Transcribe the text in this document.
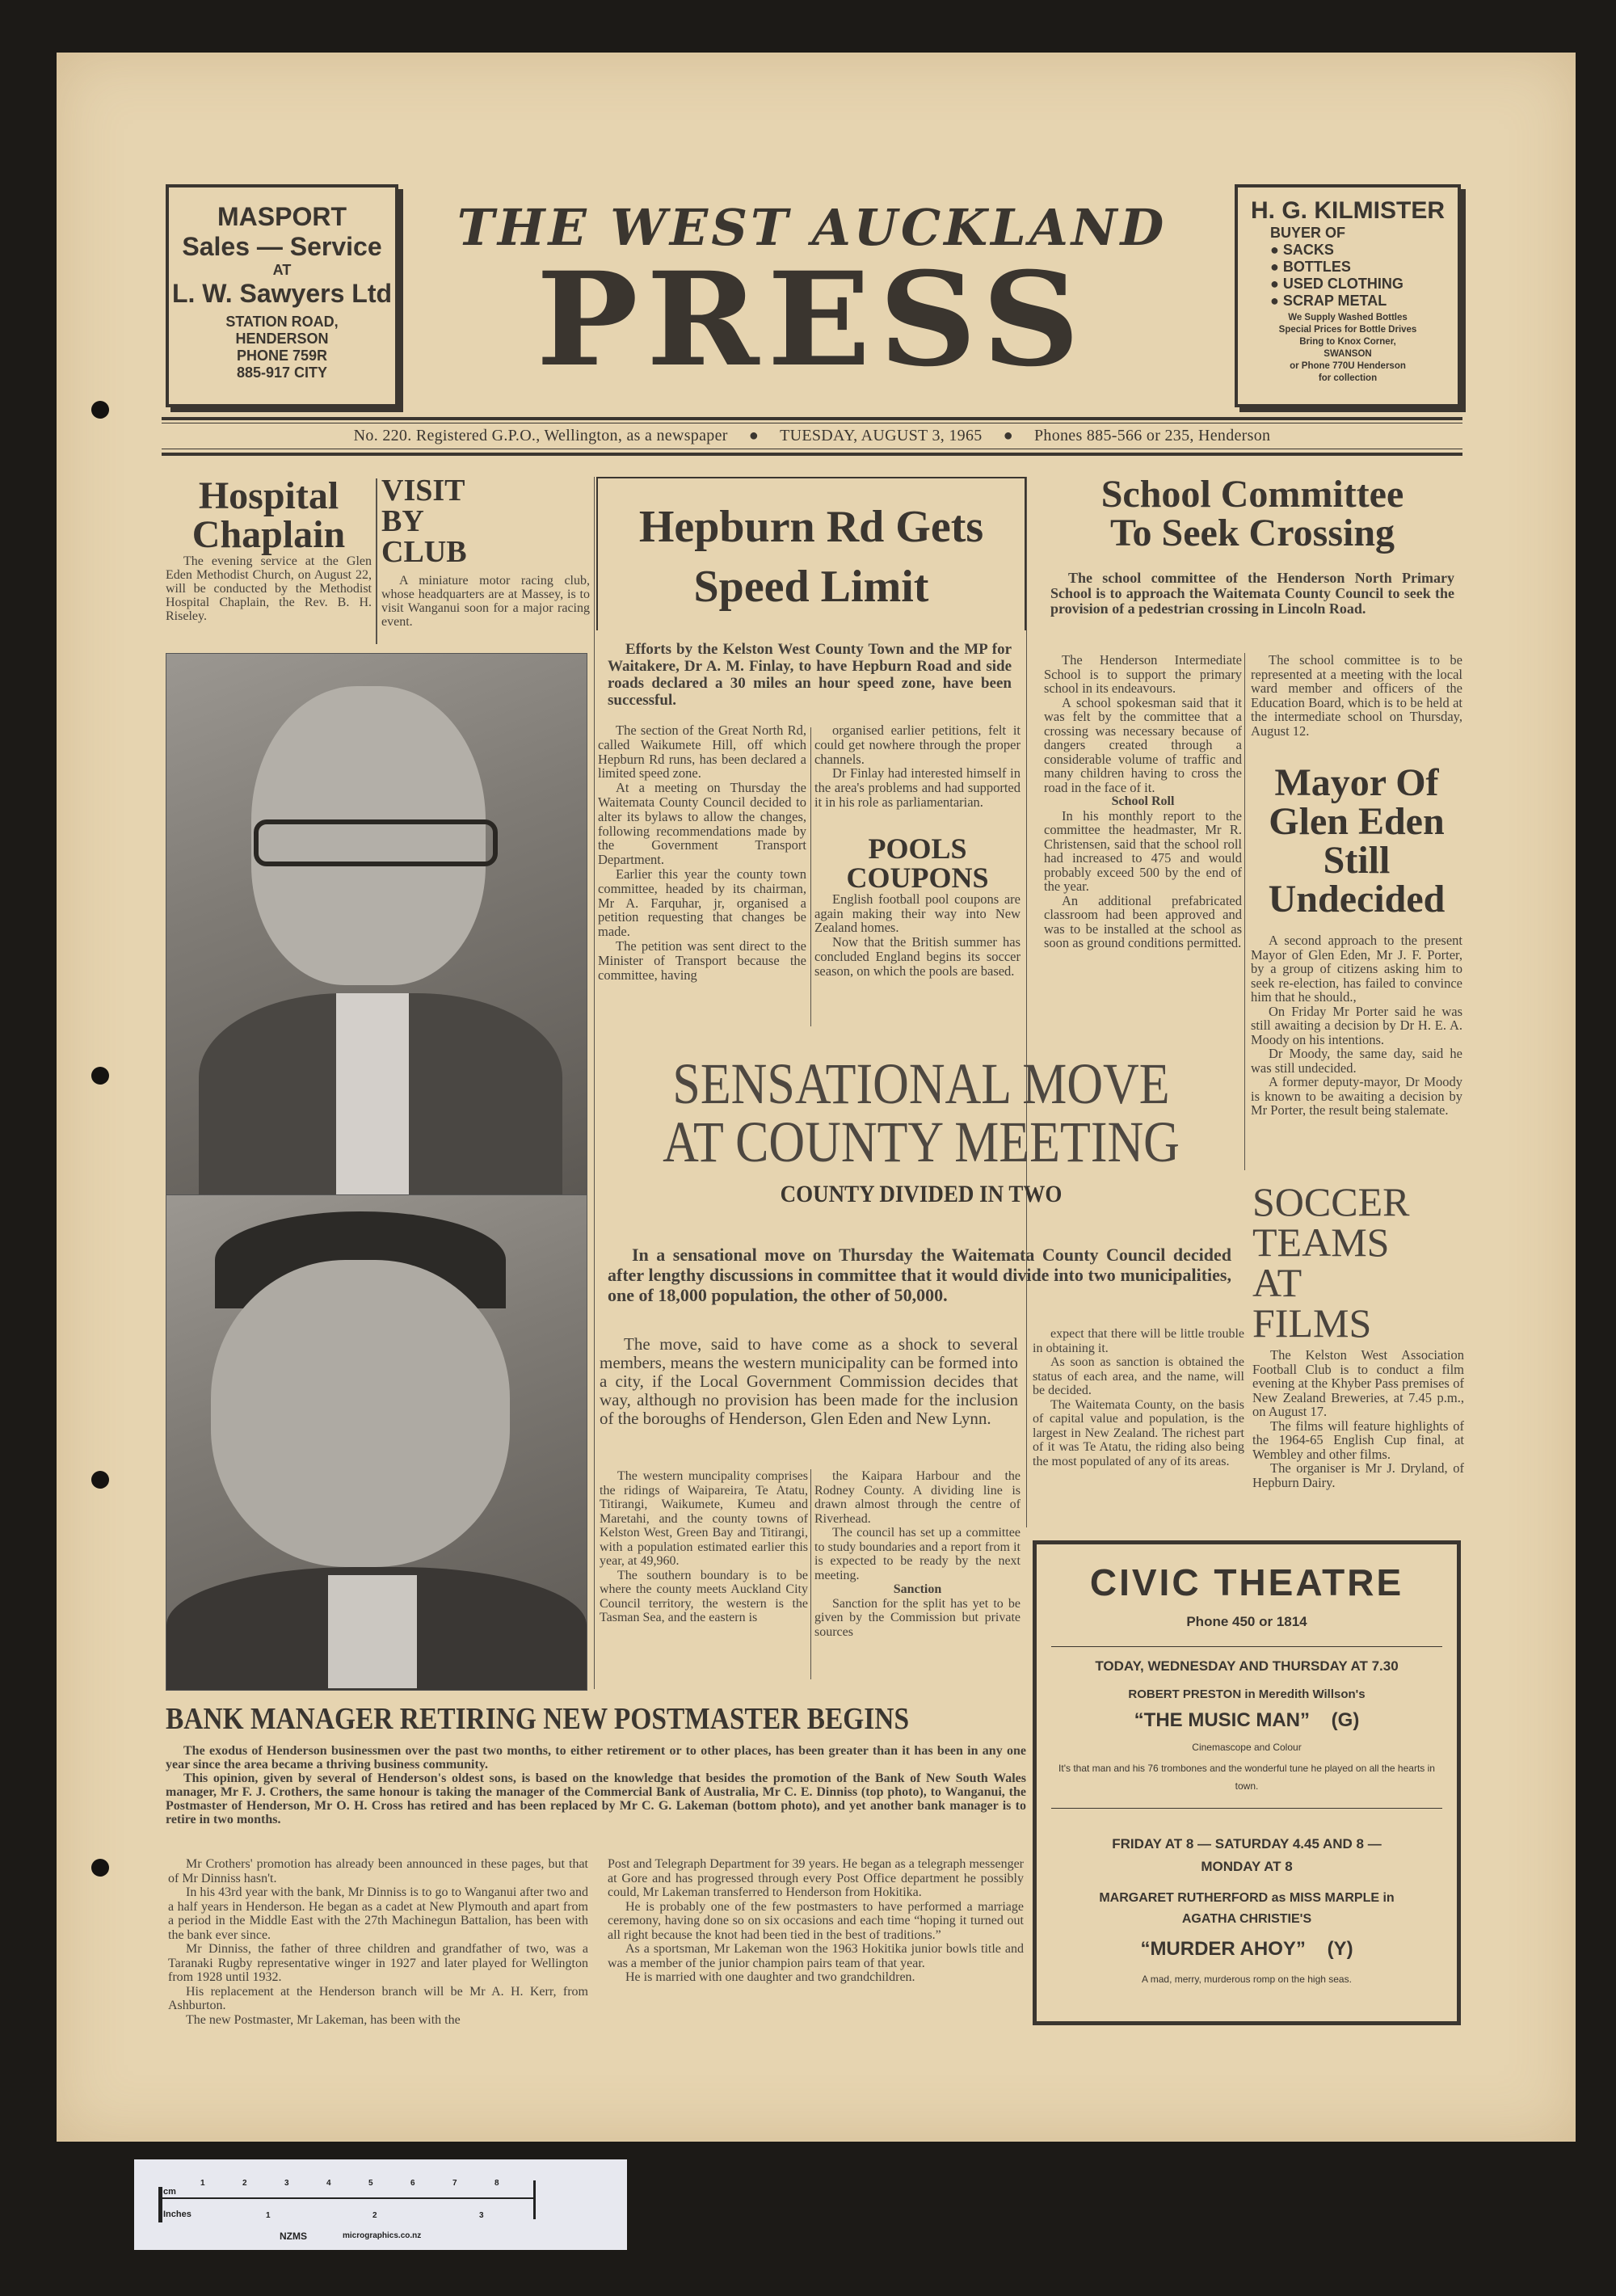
MASPORT
Sales — Service
AT
L. W. Sawyers Ltd
STATION ROAD,
HENDERSON
PHONE 759R
885-917 CITY
THE WEST AUCKLAND
PRESS
H. G. KILMISTER
BUYER OF
● SACKS
● BOTTLES
● USED CLOTHING
● SCRAP METAL
We Supply Washed Bottles
Special Prices for Bottle Drives
Bring to Knox Corner,
SWANSON
or Phone 770U Henderson
for collection
No. 220. Registered G.P.O., Wellington, as a newspaper ● TUESDAY, AUGUST 3, 1965 ● Phones 885-566 or 235, Henderson
Hospital
Chaplain

The evening service at the Glen Eden Methodist Church, on August 22, will be conducted by the Methodist Hospital Chaplain, the Rev. B. H. Riseley.

VISIT
BY
CLUB

A miniature motor racing club, whose headquarters are at Massey, is to visit Wanganui soon for a major racing event.

Hepburn Rd Gets
Speed Limit

Efforts by the Kelston West County Town and the MP for Waitakere, Dr A. M. Finlay, to have Hepburn Road and side roads declared a 30 miles an hour speed zone, have been successful.

The section of the Great North Rd, called Waikumete Hill, off which Hepburn Rd runs, has been declared a limited speed zone.

At a meeting on Thursday the Waitemata County Council decided to alter its bylaws to allow the changes, following recommendations made by the Government Transport Department.

Earlier this year the county town committee, headed by its chairman, Mr A. Farquhar, jr, organised a petition requesting that changes be made.

The petition was sent direct to the Minister of Transport because the committee, having

organised earlier petitions, felt it could get nowhere through the proper channels.

Dr Finlay had interested himself in the area's problems and had supported it in his role as parliamentarian.

POOLS
COUPONS

English football pool coupons are again making their way into New Zealand homes.

Now that the British summer has concluded England begins its soccer season, on which the pools are based.

School Committee
To Seek Crossing

The school committee of the Henderson North Primary School is to approach the Waitemata County Council to seek the provision of a pedestrian crossing in Lincoln Road.

The Henderson Intermediate School is to support the primary school in its endeavours.

A school spokesman said that it was felt by the committee that a crossing was necessary because of dangers created through a considerable volume of traffic and many children having to cross the road in the face of it.

School Roll

In his monthly report to the committee the headmaster, Mr R. Christensen, said that the school roll had increased to 475 and would probably exceed 500 by the end of the year.

An additional prefabricated classroom had been approved and was to be installed at the school as soon as ground conditions permitted.

The school committee is to be represented at a meeting with the local ward member and officers of the Education Board, which is to be held at the intermediate school on Thursday, August 12.

Mayor Of
Glen Eden
Still
Undecided

A second approach to the present Mayor of Glen Eden, Mr J. F. Porter, by a group of citizens asking him to seek re-election, has failed to convince him that he should.,

On Friday Mr Porter said he was still awaiting a decision by Dr H. E. A. Moody on his intentions.

Dr Moody, the same day, said he was still undecided.

A former deputy-mayor, Dr Moody is known to be awaiting a decision by Mr Porter, the result being stalemate.

SOCCER
TEAMS
AT
FILMS

The Kelston West Association Football Club is to conduct a film evening at the Khyber Pass premises of New Zealand Breweries, at 7.45 p.m., on August 17.

The films will feature highlights of the 1964-65 English Cup final, at Wembley and other films.

The organiser is Mr J. Dryland, of Hepburn Dairy.

SENSATIONAL MOVE
AT COUNTY MEETING
COUNTY DIVIDED IN TWO

In a sensational move on Thursday the Waitemata County Council decided after lengthy discussions in committee that it would divide into two municipalities, one of 18,000 population, the other of 50,000.

The move, said to have come as a shock to several members, means the western municipality can be formed into a city, if the Local Government Commission decides that way, although no provision has been made for the inclusion of the boroughs of Henderson, Glen Eden and New Lynn.

The western muncipality comprises the ridings of Waipareira, Te Atatu, Titirangi, Waikumete, Kumeu and Maretahi, and the county towns of Kelston West, Green Bay and Titirangi, with a population estimated earlier this year, at 49,960.

The southern boundary is to be where the county meets Auckland City Council territory, the western is the Tasman Sea, and the eastern is

the Kaipara Harbour and the Rodney County. A dividing line is drawn almost through the centre of Riverhead.

The council has set up a committee to study boundaries and a report from it is expected to be ready by the next meeting.

Sanction

Sanction for the split has yet to be given by the Commission but private sources

expect that there will be little trouble in obtaining it.

As soon as sanction is obtained the status of each area, and the name, will be decided.

The Waitemata County, on the basis of capital value and population, is the largest in New Zealand. The richest part of it was Te Atatu, the riding also being the most populated of any of its areas.

CIVIC THEATRE
Phone 450 or 1814
TODAY, WEDNESDAY AND THURSDAY AT 7.30
ROBERT PRESTON in Meredith Willson's
“THE MUSIC MAN” (G)
Cinemascope and Colour
It's that man and his 76 trombones and the wonderful tune he played on all the hearts in town.
FRIDAY AT 8 — SATURDAY 4.45 AND 8 —
MONDAY AT 8
MARGARET RUTHERFORD as MISS MARPLE in
AGATHA CHRISTIE'S
“MURDER AHOY” (Y)
A mad, merry, murderous romp on the high seas.
BANK MANAGER RETIRING NEW POSTMASTER BEGINS

The exodus of Henderson businessmen over the past two months, to either retirement or to other places, has been greater than it has been in any one year since the area became a thriving business community.

This opinion, given by several of Henderson's oldest sons, is based on the knowledge that besides the promotion of the Bank of New South Wales manager, Mr F. J. Crothers, the same honour is taking the manager of the Commercial Bank of Australia, Mr C. E. Dinniss (top photo), to Wanganui, the Postmaster of Henderson, Mr O. H. Cross has retired and has been replaced by Mr C. G. Lakeman (bottom photo), and yet another bank manager is to retire in two months.

Mr Crothers' promotion has already been announced in these pages, but that of Mr Dinniss hasn't.

In his 43rd year with the bank, Mr Dinniss is to go to Wanganui after two and a half years in Henderson. He began as a cadet at New Plymouth and apart from a period in the Middle East with the 27th Machinegun Battalion, has been with the bank ever since.

Mr Dinniss, the father of three children and grandfather of two, was a Taranaki Rugby representative winger in 1927 and later played for Wellington from 1928 until 1932.

His replacement at the Henderson branch will be Mr A. H. Kerr, from Ashburton.

The new Postmaster, Mr Lakeman, has been with the

Post and Telegraph Department for 39 years. He began as a telegraph messenger at Gore and has progressed through every Post Office department he possibly could, Mr Lakeman transferred to Henderson from Hokitika.

He is probably one of the few postmasters to have performed a marriage ceremony, having done so on six occasions and each time “hoping it turned out all right because the knot had been tied in the best of traditions.”

As a sportsman, Mr Lakeman won the 1963 Hokitika junior bowls title and was a member of the junior champion pairs team of that year.

He is married with one daughter and two grandchildren.

cm
Inches
1	2	3	4	5	6	7	8
1	2	3
NZMS	micrographics.co.nz
